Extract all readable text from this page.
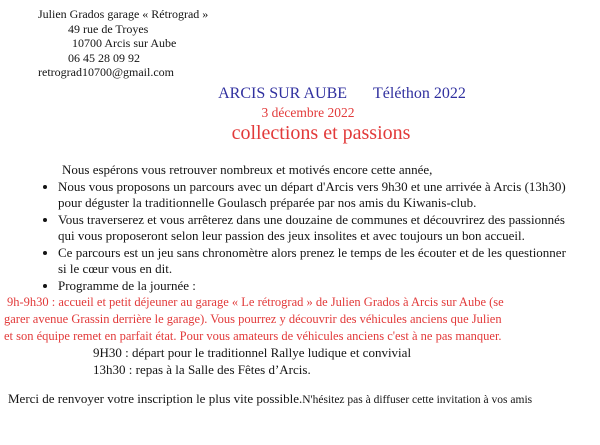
Julien Grados garage « Rétrograd »
49 rue de Troyes
10700 Arcis sur Aube
06 45 28 09 92
retrograd10700@gmail.com
ARCIS SUR AUBE Téléthon 2022
3 décembre 2022
collections et passions

Nous espérons vous retrouver nombreux et motivés encore cette année,

• Nous vous proposons un parcours avec un départ d'Arcis vers 9h30 et une arrivée à Arcis (13h30) pour déguster la traditionnelle Goulasch préparée par nos amis du Kiwanis-club.
• Vous traverserez et vous arrêterez dans une douzaine de communes et découvrirez des passionnés qui vous proposeront selon leur passion des jeux insolites et avec toujours un bon accueil.
• Ce parcours est un jeu sans chronomètre alors prenez le temps de les écouter et de les questionner si le cœur vous en dit.
• Programme de la journée :
9h-9h30 : accueil et petit déjeuner au garage « Le rétrograd » de Julien Grados à Arcis sur Aube (se
garer avenue Grassin derrière le garage). Vous pourrez y découvrir des véhicules anciens que Julien
et son équipe remet en parfait état. Pour vous amateurs de véhicules anciens c'est à ne pas manquer.
9H30 : départ pour le traditionnel Rallye ludique et convivial
13h30 : repas à la Salle des Fêtes d’Arcis.
Merci de renvoyer votre inscription le plus vite possible.N'hésitez pas à diffuser cette invitation à vos amis
